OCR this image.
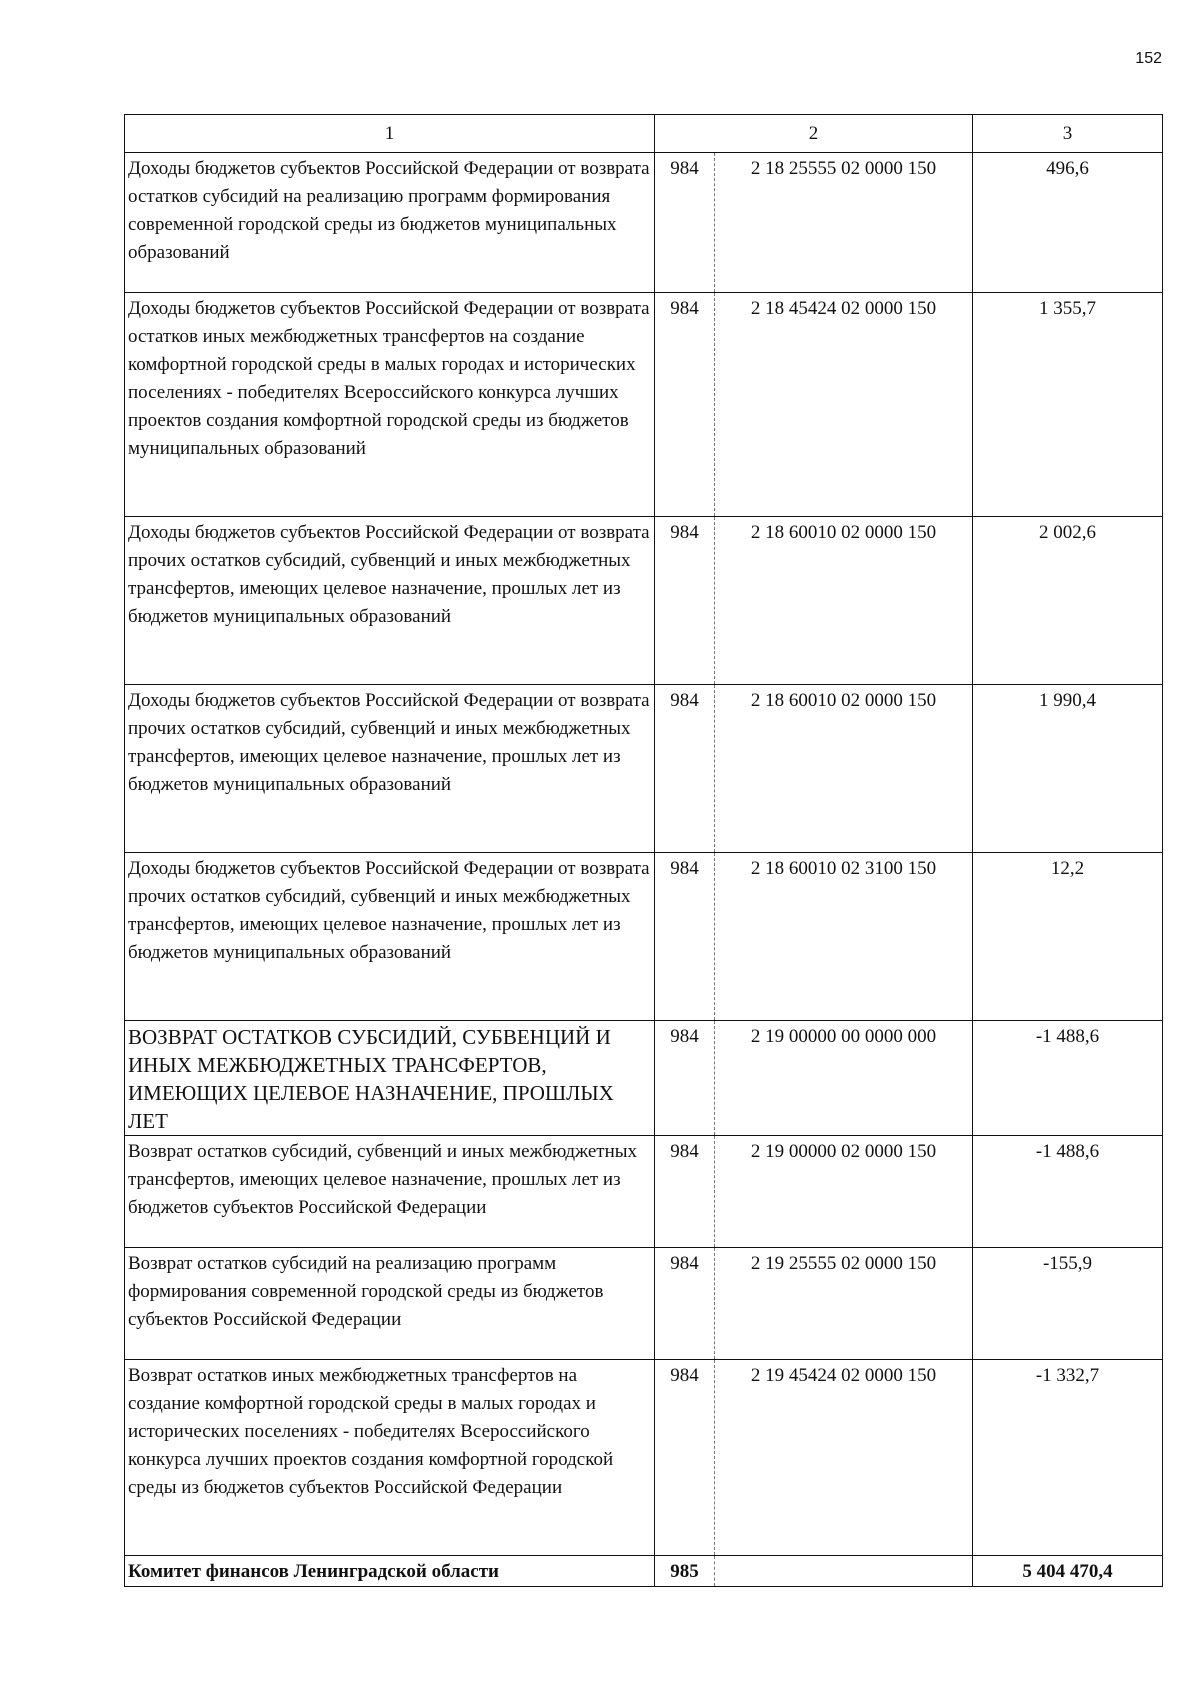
152
1	2		3
Доходы бюджетов субъектов Российской Федерации от возврата остатков субсидий на реализацию программ формирования современной городской среды из бюджетов муниципальных образований	984	2 18 25555 02 0000 150	496,6
Доходы бюджетов субъектов Российской Федерации от возврата остатков иных межбюджетных трансфертов на создание комфортной городской среды в малых городах и исторических поселениях - победителях Всероссийского конкурса лучших проектов создания комфортной городской среды из бюджетов муниципальных образований	984	2 18 45424 02 0000 150	1 355,7
Доходы бюджетов субъектов Российской Федерации от возврата прочих остатков субсидий, субвенций и иных межбюджетных трансфертов, имеющих целевое назначение, прошлых лет из бюджетов муниципальных образований	984	2 18 60010 02 0000 150	2 002,6
Доходы бюджетов субъектов Российской Федерации от возврата прочих остатков субсидий, субвенций и иных межбюджетных трансфертов, имеющих целевое назначение, прошлых лет из бюджетов муниципальных образований	984	2 18 60010 02 0000 150	1 990,4
Доходы бюджетов субъектов Российской Федерации от возврата прочих остатков субсидий, субвенций и иных межбюджетных трансфертов, имеющих целевое назначение, прошлых лет из бюджетов муниципальных образований	984	2 18 60010 02 3100 150	12,2
ВОЗВРАТ ОСТАТКОВ СУБСИДИЙ, СУБВЕНЦИЙ И ИНЫХ МЕЖБЮДЖЕТНЫХ ТРАНСФЕРТОВ, ИМЕЮЩИХ ЦЕЛЕВОЕ НАЗНАЧЕНИЕ, ПРОШЛЫХ ЛЕТ	984	2 19 00000 00 0000 000	-1 488,6
Возврат остатков субсидий, субвенций и иных межбюджетных трансфертов, имеющих целевое назначение, прошлых лет из бюджетов субъектов Российской Федерации	984	2 19 00000 02 0000 150	-1 488,6
Возврат остатков субсидий на реализацию программ формирования современной городской среды из бюджетов субъектов Российской Федерации	984	2 19 25555 02 0000 150	-155,9
Возврат остатков иных межбюджетных трансфертов на создание комфортной городской среды в малых городах и исторических поселениях - победителях Всероссийского конкурса лучших проектов создания комфортной городской среды из бюджетов субъектов Российской Федерации	984	2 19 45424 02 0000 150	-1 332,7
Комитет финансов Ленинградской области	985		5 404 470,4
